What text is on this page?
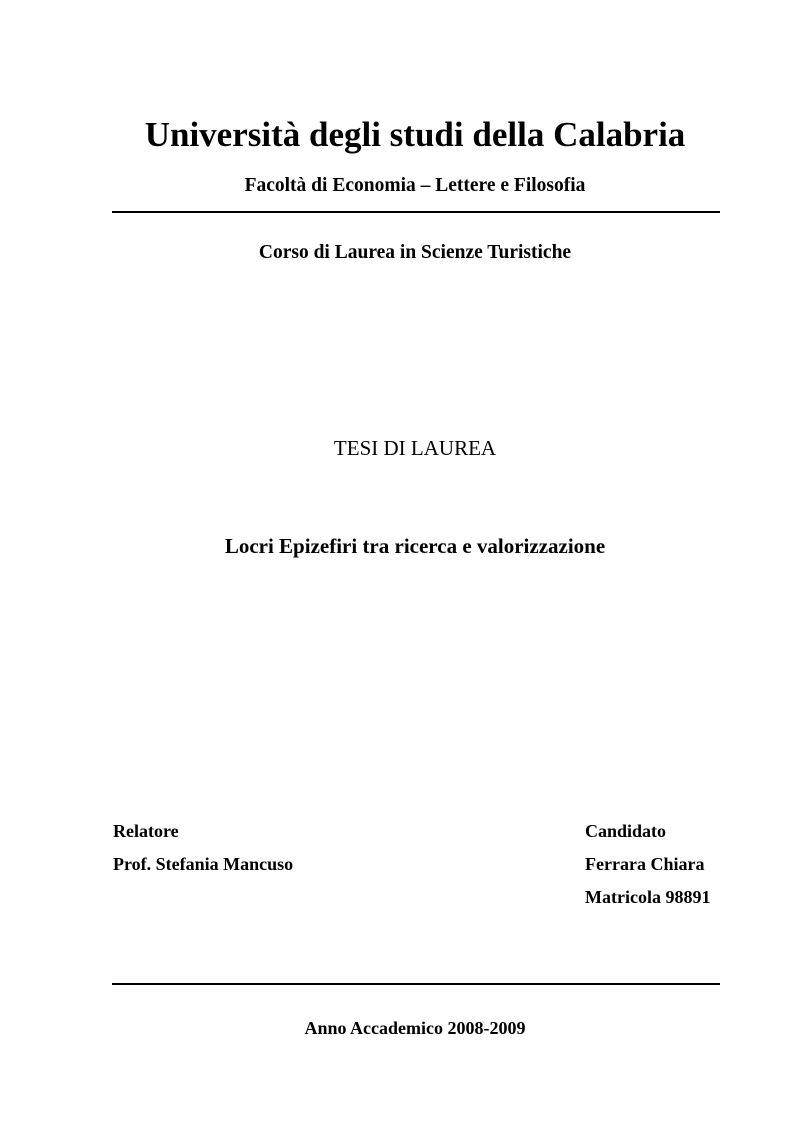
Università degli studi della Calabria
Facoltà di Economia – Lettere e Filosofia
Corso di Laurea in Scienze Turistiche
TESI DI LAUREA
Locri Epizefiri tra ricerca e valorizzazione
Relatore
Prof. Stefania Mancuso
Candidato
Ferrara Chiara
Matricola 98891
Anno Accademico 2008-2009
